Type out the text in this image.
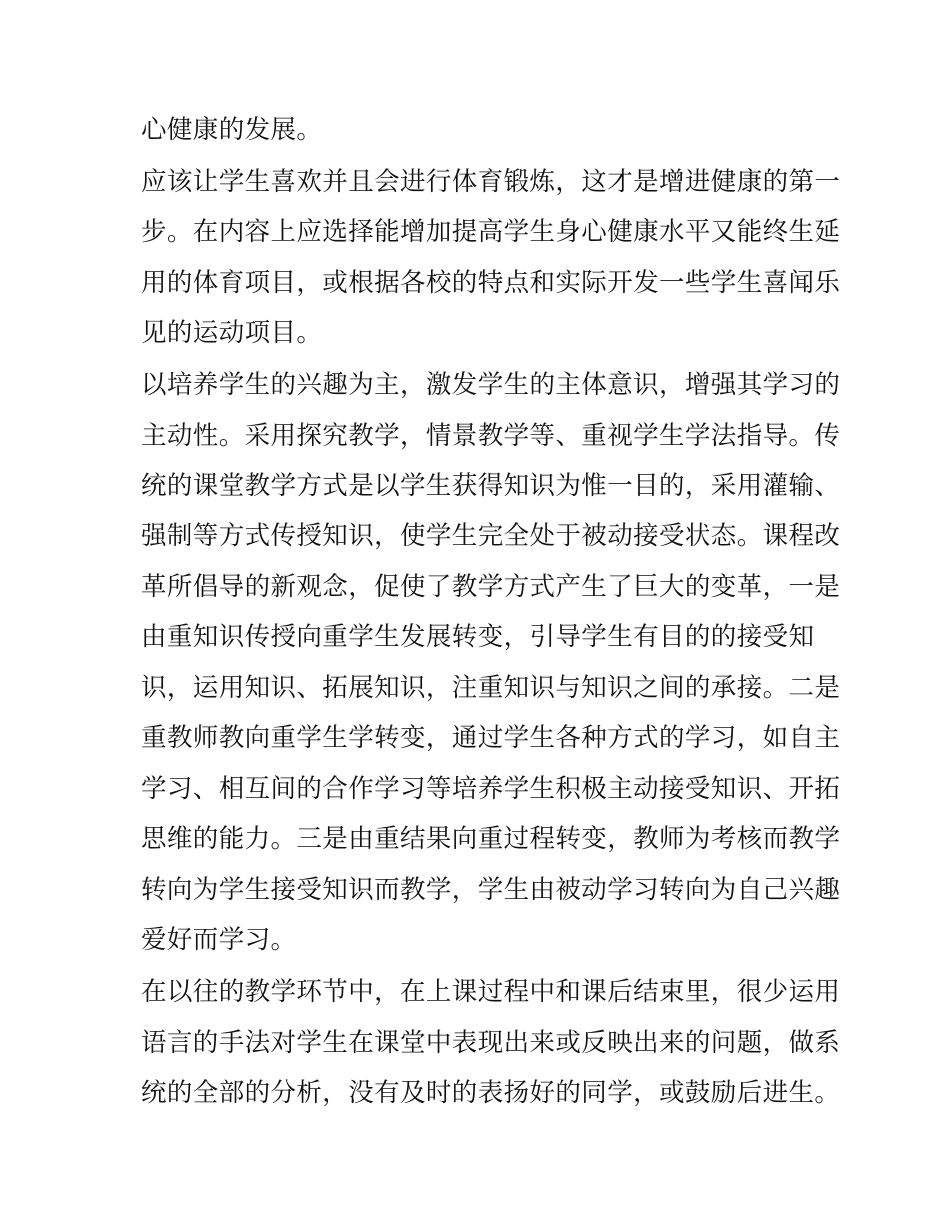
心健康的发展。
应该让学生喜欢并且会进行体育锻炼，这才是增进健康的第一
步。在内容上应选择能增加提高学生身心健康水平又能终生延
用的体育项目，或根据各校的特点和实际开发一些学生喜闻乐
见的运动项目。
以培养学生的兴趣为主，激发学生的主体意识，增强其学习的
主动性。采用探究教学，情景教学等、重视学生学法指导。传
统的课堂教学方式是以学生获得知识为惟一目的，采用灌输、
强制等方式传授知识，使学生完全处于被动接受状态。课程改
革所倡导的新观念，促使了教学方式产生了巨大的变革，一是
由重知识传授向重学生发展转变，引导学生有目的的接受知
识，运用知识、拓展知识，注重知识与知识之间的承接。二是
重教师教向重学生学转变，通过学生各种方式的学习，如自主
学习、相互间的合作学习等培养学生积极主动接受知识、开拓
思维的能力。三是由重结果向重过程转变，教师为考核而教学
转向为学生接受知识而教学，学生由被动学习转向为自己兴趣
爱好而学习。
在以往的教学环节中，在上课过程中和课后结束里，很少运用
语言的手法对学生在课堂中表现出来或反映出来的问题，做系
统的全部的分析，没有及时的表扬好的同学，或鼓励后进生。
